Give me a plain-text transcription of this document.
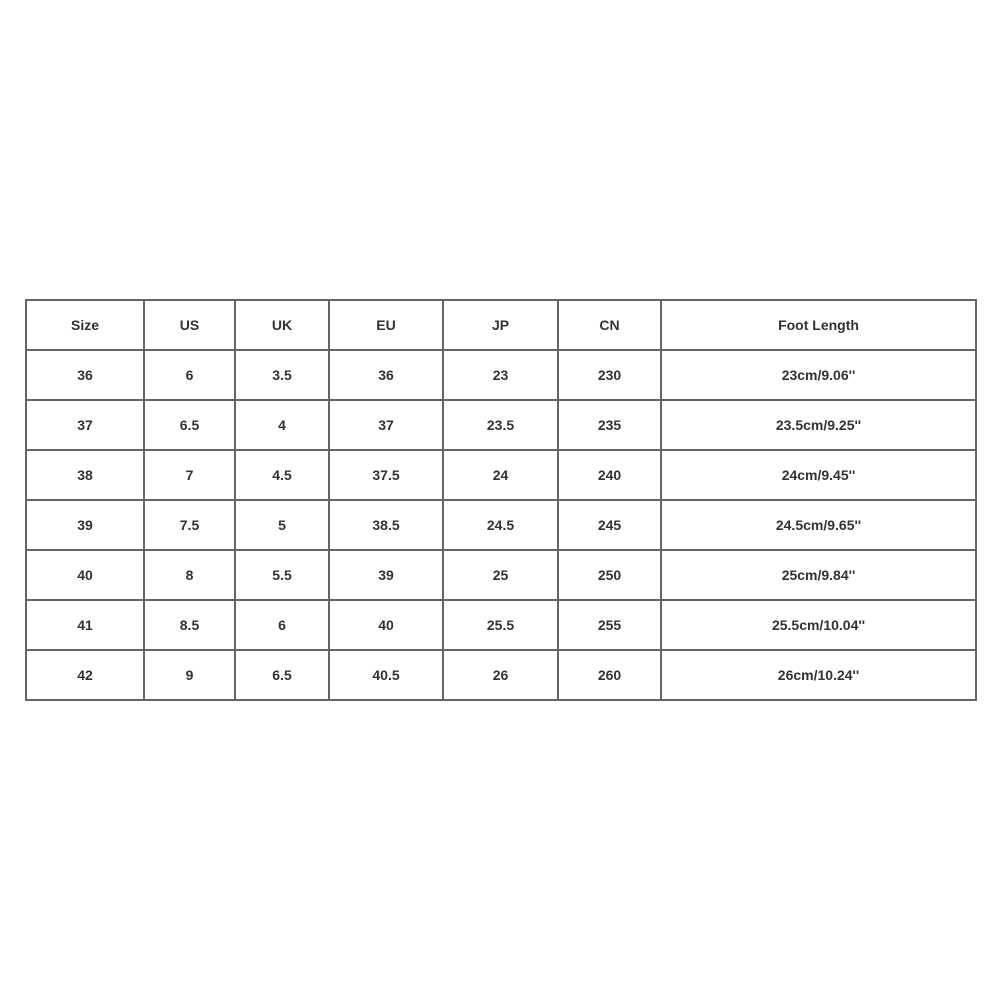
Size	US	UK	EU	JP	CN	Foot Length
36	6	3.5	36	23	230	23cm/9.06''
37	6.5	4	37	23.5	235	23.5cm/9.25''
38	7	4.5	37.5	24	240	24cm/9.45''
39	7.5	5	38.5	24.5	245	24.5cm/9.65''
40	8	5.5	39	25	250	25cm/9.84''
41	8.5	6	40	25.5	255	25.5cm/10.04''
42	9	6.5	40.5	26	260	26cm/10.24''
